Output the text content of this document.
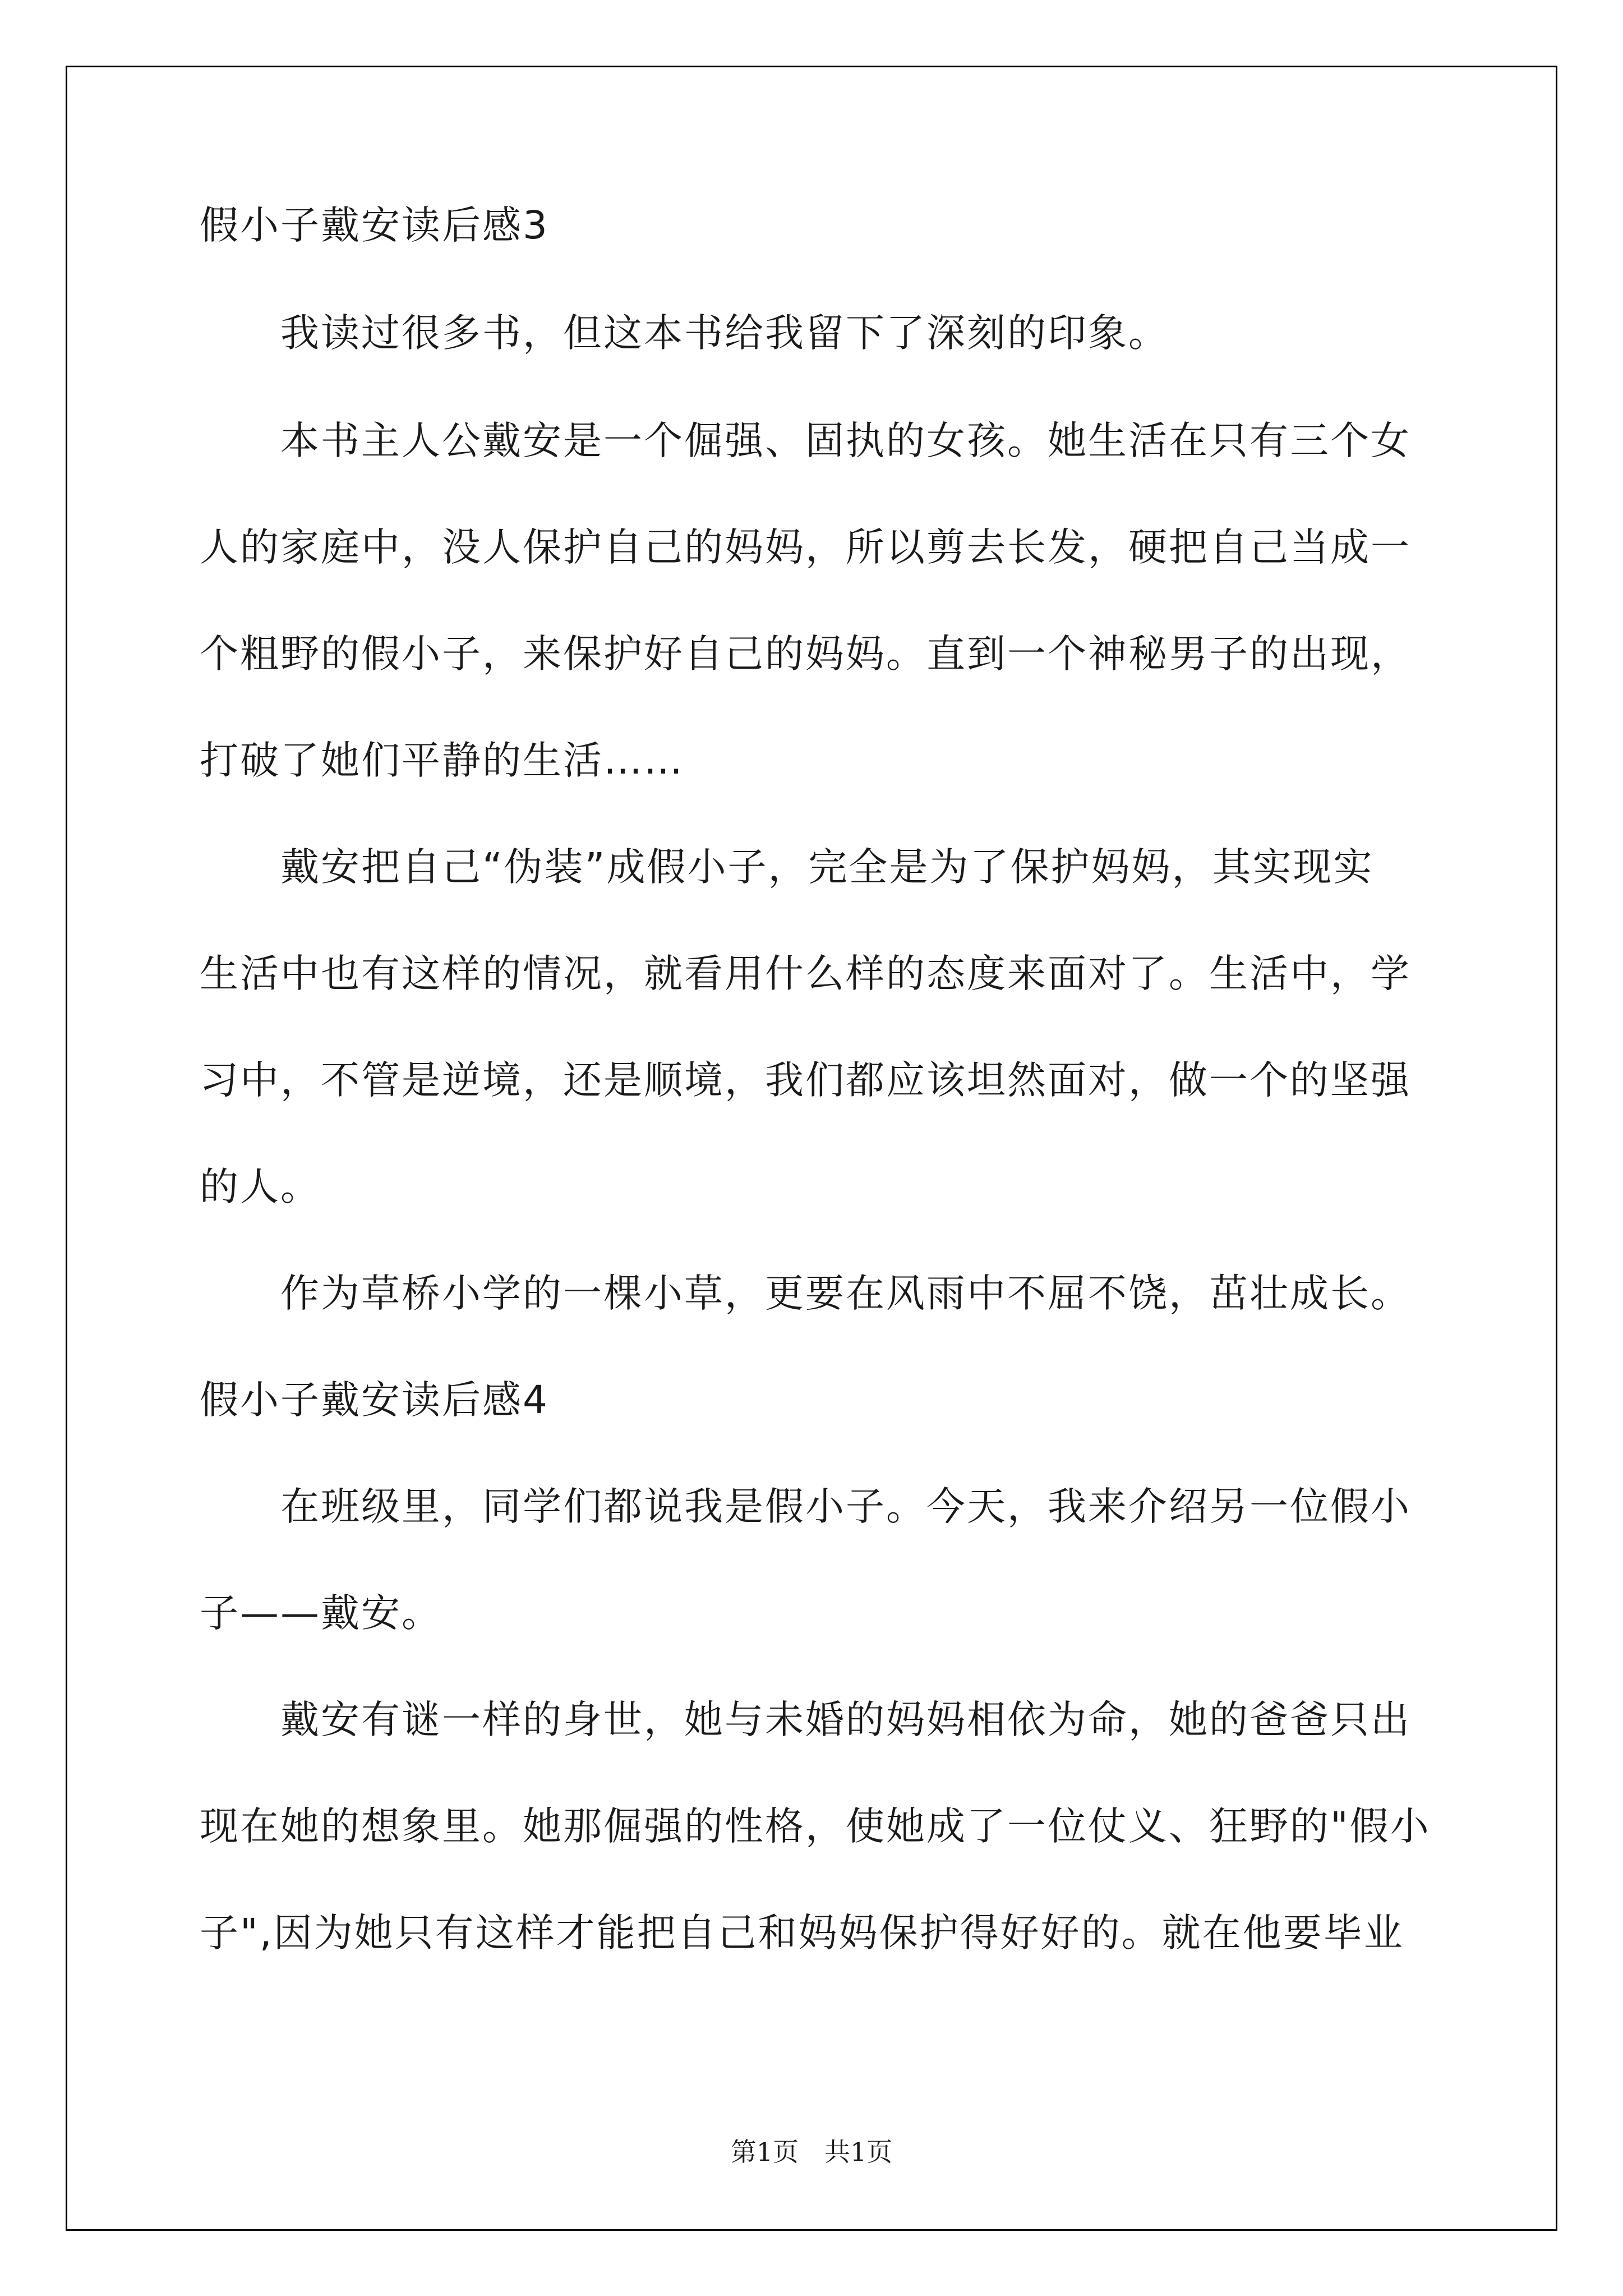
假小子戴安读后感3
我读过很多书，但这本书给我留下了深刻的印象。
本书主人公戴安是一个倔强、固执的女孩。她生活在只有三个女
人的家庭中，没人保护自己的妈妈，所以剪去长发，硬把自己当成一
个粗野的假小子，来保护好自己的妈妈。直到一个神秘男子的出现，
打破了她们平静的生活……
戴安把自己“伪装”成假小子，完全是为了保护妈妈，其实现实
生活中也有这样的情况，就看用什么样的态度来面对了。生活中，学
习中，不管是逆境，还是顺境，我们都应该坦然面对，做一个的坚强
的人。
作为草桥小学的一棵小草，更要在风雨中不屈不饶，茁壮成长。
假小子戴安读后感4
在班级里，同学们都说我是假小子。今天，我来介绍另一位假小
子——戴安。
戴安有谜一样的身世，她与未婚的妈妈相依为命，她的爸爸只出
现在她的想象里。她那倔强的性格，使她成了一位仗义、狂野的"假小
子",因为她只有这样才能把自己和妈妈保护得好好的。就在他要毕业
第1页　共1页
